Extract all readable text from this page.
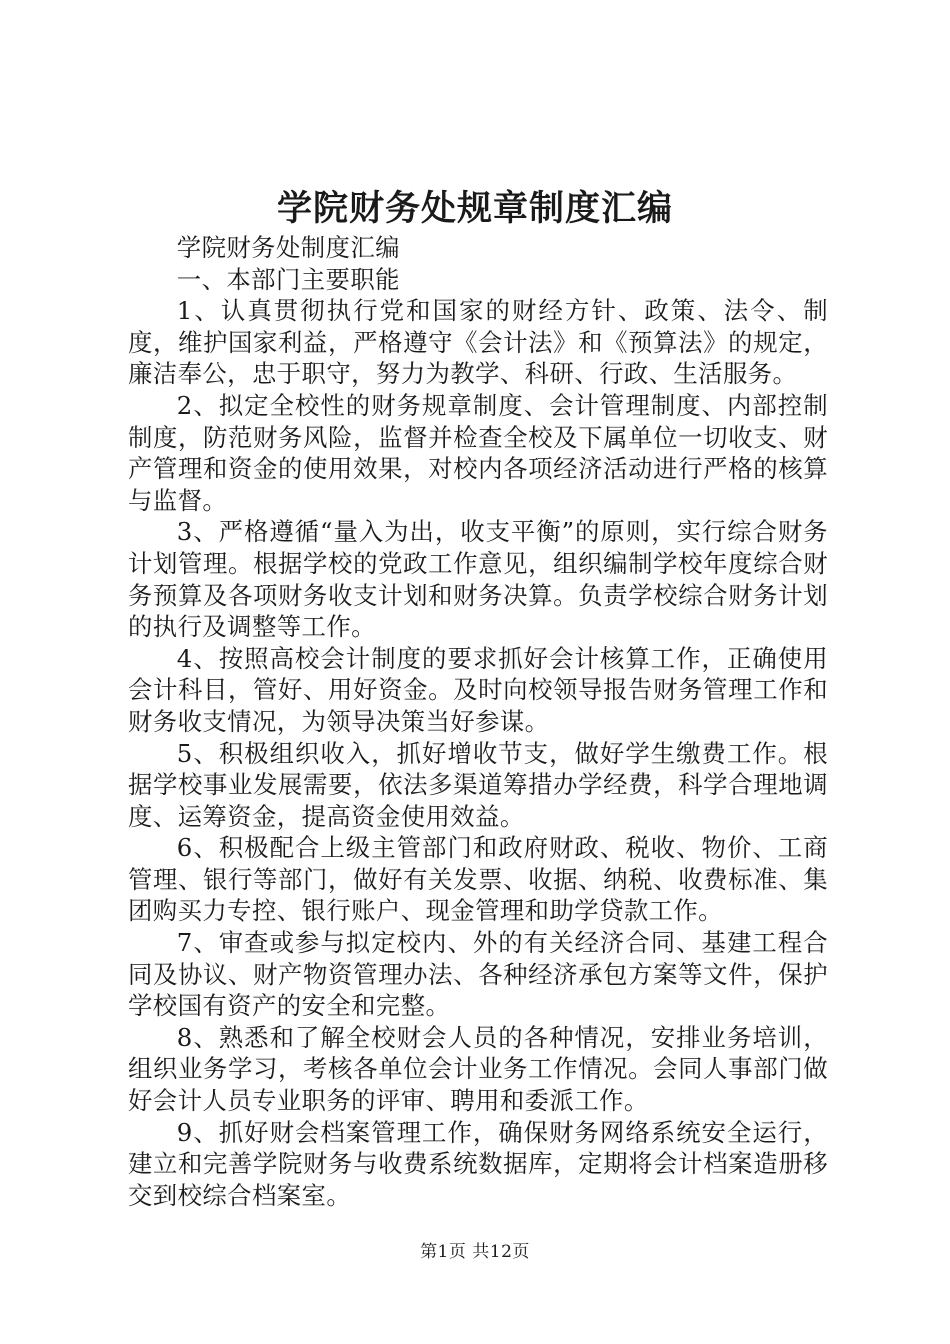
学院财务处规章制度汇编

学院财务处制度汇编

一、本部门主要职能

1、认真贯彻执行党和国家的财经方针、政策、法令、制度，维护国家利益，严格遵守《会计法》和《预算法》的规定，廉洁奉公，忠于职守，努力为教学、科研、行政、生活服务。

2、拟定全校性的财务规章制度、会计管理制度、内部控制制度，防范财务风险，监督并检查全校及下属单位一切收支、财产管理和资金的使用效果，对校内各项经济活动进行严格的核算与监督。

3、严格遵循“量入为出，收支平衡”的原则，实行综合财务计划管理。根据学校的党政工作意见，组织编制学校年度综合财务预算及各项财务收支计划和财务决算。负责学校综合财务计划的执行及调整等工作。

4、按照高校会计制度的要求抓好会计核算工作，正确使用会计科目，管好、用好资金。及时向校领导报告财务管理工作和财务收支情况，为领导决策当好参谋。

5、积极组织收入，抓好增收节支，做好学生缴费工作。根据学校事业发展需要，依法多渠道筹措办学经费，科学合理地调度、运筹资金，提高资金使用效益。

6、积极配合上级主管部门和政府财政、税收、物价、工商管理、银行等部门，做好有关发票、收据、纳税、收费标准、集团购买力专控、银行账户、现金管理和助学贷款工作。

7、审查或参与拟定校内、外的有关经济合同、基建工程合同及协议、财产物资管理办法、各种经济承包方案等文件，保护学校国有资产的安全和完整。

8、熟悉和了解全校财会人员的各种情况，安排业务培训，组织业务学习，考核各单位会计业务工作情况。会同人事部门做好会计人员专业职务的评审、聘用和委派工作。

9、抓好财会档案管理工作，确保财务网络系统安全运行，建立和完善学院财务与收费系统数据库，定期将会计档案造册移交到校综合档案室。

第1页 共12页
